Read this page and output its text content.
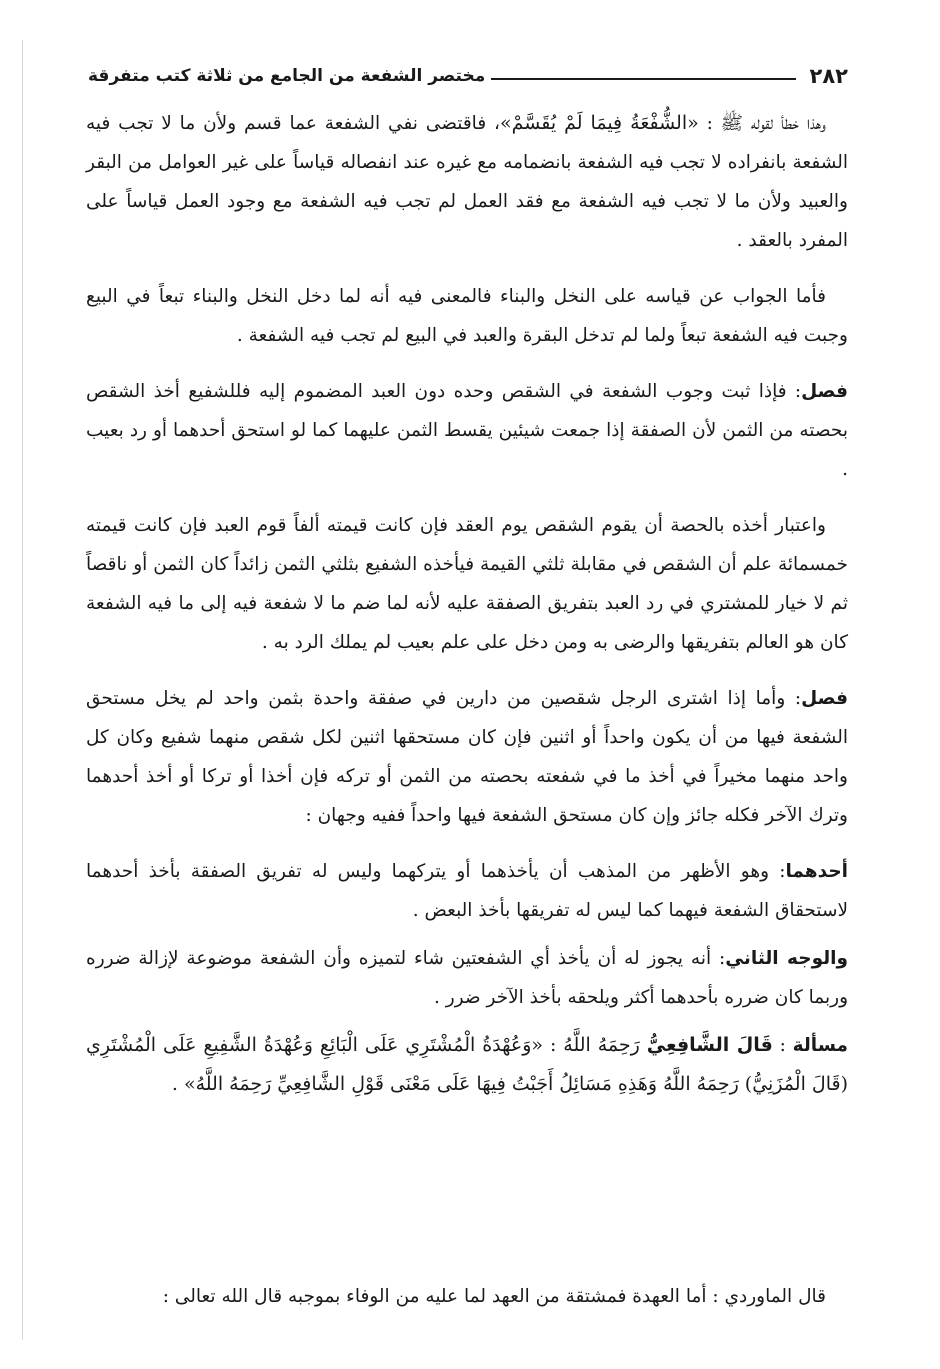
٢٨٢
مختصر الشفعة من الجامع من ثلاثة كتب متفرقة

وهذا خطأ لقوله ﷺ : «الشُّفْعَةُ فِيمَا لَمْ يُقَسَّمْ»، فاقتضى نفي الشفعة عما قسم ولأن ما لا تجب فيه الشفعة بانفراده لا تجب فيه الشفعة بانضمامه مع غيره عند انفصاله قياساً على غير العوامل من البقر والعبيد ولأن ما لا تجب فيه الشفعة مع فقد العمل لم تجب فيه الشفعة مع وجود العمل قياساً على المفرد بالعقد .

فأما الجواب عن قياسه على النخل والبناء فالمعنى فيه أنه لما دخل النخل والبناء تبعاً في البيع وجبت فيه الشفعة تبعاً ولما لم تدخل البقرة والعبد في البيع لم تجب فيه الشفعة .

فصل: فإذا ثبت وجوب الشفعة في الشقص وحده دون العبد المضموم إليه فللشفيع أخذ الشقص بحصته من الثمن لأن الصفقة إذا جمعت شيئين يقسط الثمن عليهما كما لو استحق أحدهما أو رد بعيب .

واعتبار أخذه بالحصة أن يقوم الشقص يوم العقد فإن كانت قيمته ألفاً قوم العبد فإن كانت قيمته خمسمائة علم أن الشقص في مقابلة ثلثي القيمة فيأخذه الشفيع بثلثي الثمن زائداً كان الثمن أو ناقصاً ثم لا خيار للمشتري في رد العبد بتفريق الصفقة عليه لأنه لما ضم ما لا شفعة فيه إلى ما فيه الشفعة كان هو العالم بتفريقها والرضى به ومن دخل على علم بعيب لم يملك الرد به .

فصل: وأما إذا اشترى الرجل شقصين من دارين في صفقة واحدة بثمن واحد لم يخل مستحق الشفعة فيها من أن يكون واحداً أو اثنين فإن كان مستحقها اثنين لكل شقص منهما شفيع وكان كل واحد منهما مخيراً في أخذ ما في شفعته بحصته من الثمن أو تركه فإن أخذا أو تركا أو أخذ أحدهما وترك الآخر فكله جائز وإن كان مستحق الشفعة فيها واحداً ففيه وجهان :

أحدهما: وهو الأظهر من المذهب أن يأخذهما أو يتركهما وليس له تفريق الصفقة بأخذ أحدهما لاستحقاق الشفعة فيهما كما ليس له تفريقها بأخذ البعض .

والوجه الثاني: أنه يجوز له أن يأخذ أي الشفعتين شاء لتميزه وأن الشفعة موضوعة لإزالة ضرره وربما كان ضرره بأحدهما أكثر ويلحقه بأخذ الآخر ضرر .

مسألة : قَالَ الشَّافِعِيُّ رَحِمَهُ اللَّهُ : «وَعُهْدَةُ الْمُشْتَرِي عَلَى الْبَائِعِ وَعُهْدَةُ الشَّفِيعِ عَلَى الْمُشْتَرِي (قَالَ الْمُزَنِيُّ) رَحِمَهُ اللَّهُ وَهَذِهِ مَسَائِلُ أَجَبْتُ فِيهَا عَلَى مَعْنَى قَوْلِ الشَّافِعِيِّ رَحِمَهُ اللَّهُ» .

قال الماوردي : أما العهدة فمشتقة من العهد لما عليه من الوفاء بموجبه قال الله تعالى :
